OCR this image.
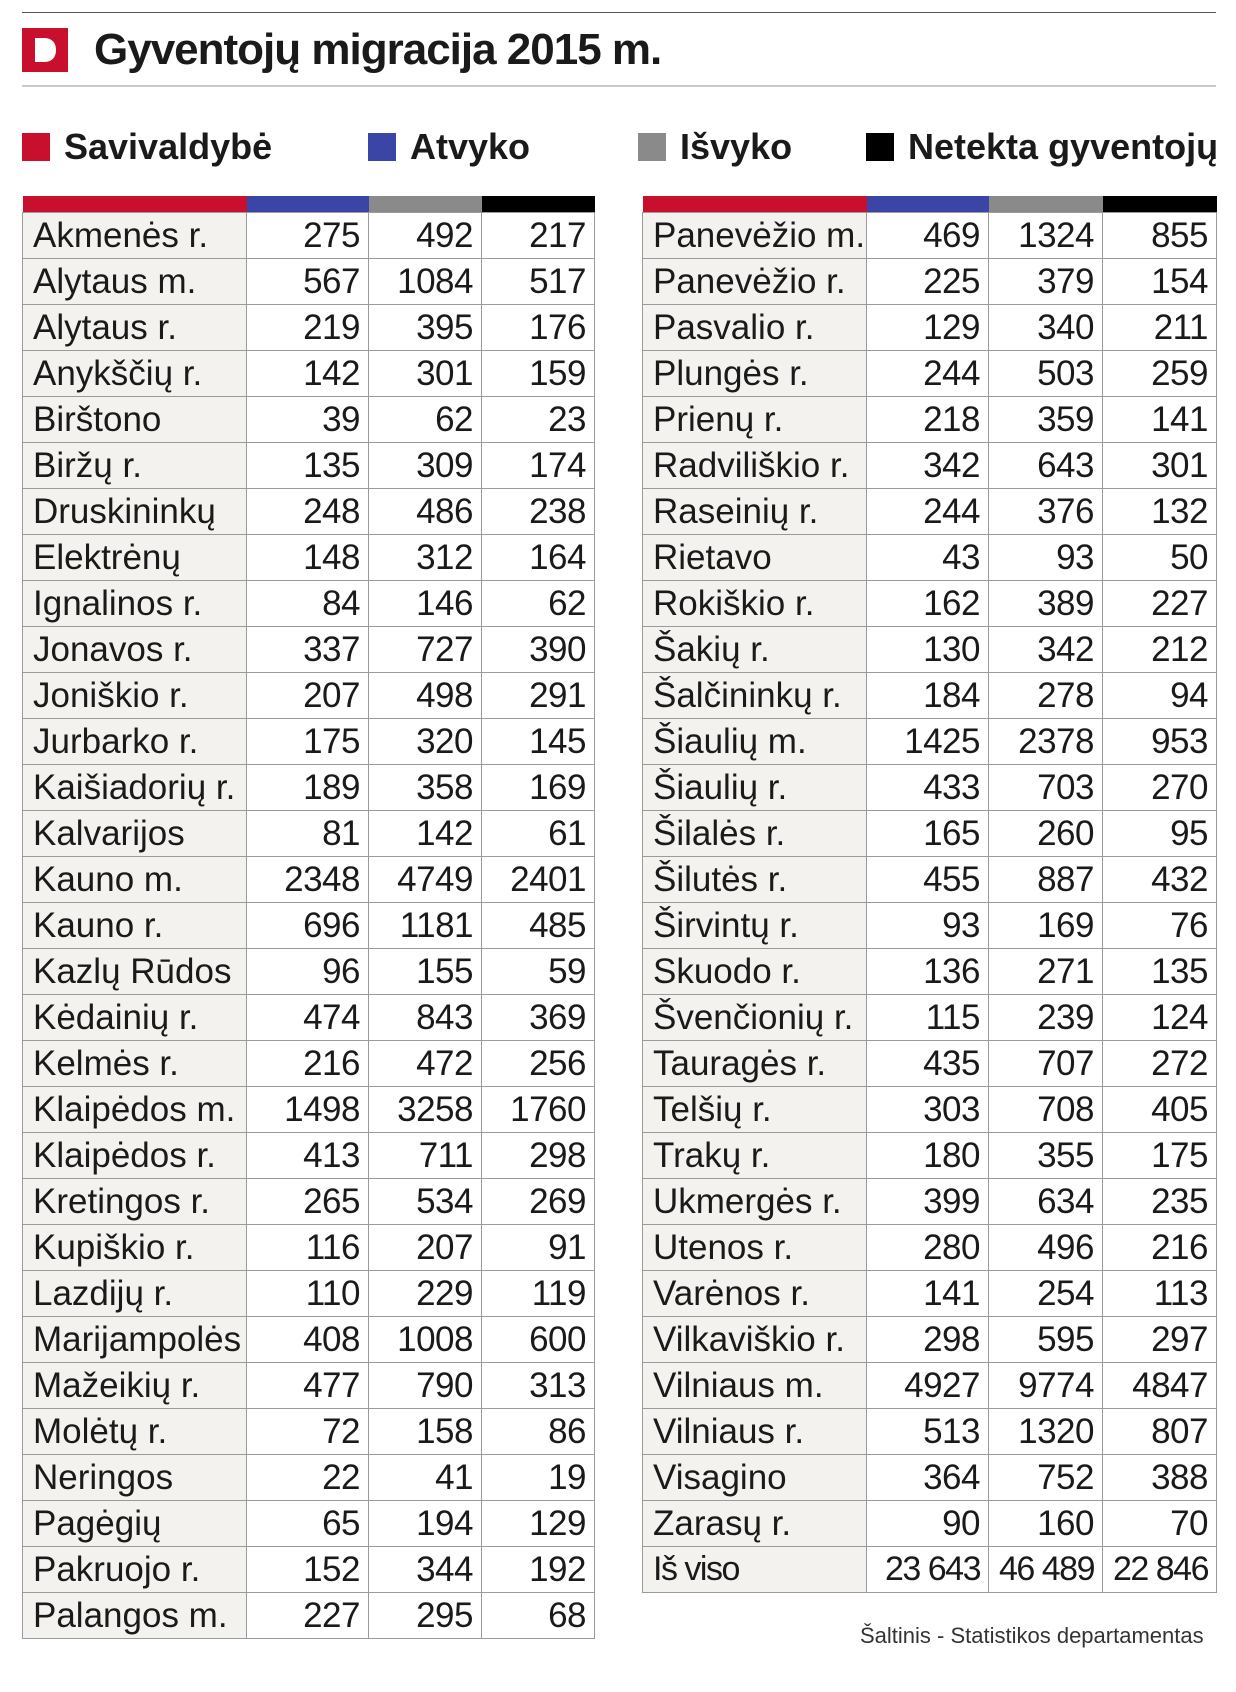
Gyventojų migracija 2015 m.
Savivaldybė	Atvyko	Išvyko	Netekta gyventojų

Akmenės r.	275	492	217
Alytaus m.	567	1084	517
Alytaus r.	219	395	176
Anykščių r.	142	301	159
Birštono	39	62	23
Biržų r.	135	309	174
Druskininkų	248	486	238
Elektrėnų	148	312	164
Ignalinos r.	84	146	62
Jonavos r.	337	727	390
Joniškio r.	207	498	291
Jurbarko r.	175	320	145
Kaišiadorių r.	189	358	169
Kalvarijos	81	142	61
Kauno m.	2348	4749	2401
Kauno r.	696	1181	485
Kazlų Rūdos	96	155	59
Kėdainių r.	474	843	369
Kelmės r.	216	472	256
Klaipėdos m.	1498	3258	1760
Klaipėdos r.	413	711	298
Kretingos r.	265	534	269
Kupiškio r.	116	207	91
Lazdijų r.	110	229	119
Marijampolės	408	1008	600
Mažeikių r.	477	790	313
Molėtų r.	72	158	86
Neringos	22	41	19
Pagėgių	65	194	129
Pakruojo r.	152	344	192
Palangos m.	227	295	68

Panevėžio m.	469	1324	855
Panevėžio r.	225	379	154
Pasvalio r.	129	340	211
Plungės r.	244	503	259
Prienų r.	218	359	141
Radviliškio r.	342	643	301
Raseinių r.	244	376	132
Rietavo	43	93	50
Rokiškio r.	162	389	227
Šakių r.	130	342	212
Šalčininkų r.	184	278	94
Šiaulių m.	1425	2378	953
Šiaulių r.	433	703	270
Šilalės r.	165	260	95
Šilutės r.	455	887	432
Širvintų r.	93	169	76
Skuodo r.	136	271	135
Švenčionių r.	115	239	124
Tauragės r.	435	707	272
Telšių r.	303	708	405
Trakų r.	180	355	175
Ukmergės r.	399	634	235
Utenos r.	280	496	216
Varėnos r.	141	254	113
Vilkaviškio r.	298	595	297
Vilniaus m.	4927	9774	4847
Vilniaus r.	513	1320	807
Visagino	364	752	388
Zarasų r.	90	160	70
Iš viso	23 643	46 489	22 846
Šaltinis - Statistikos departamentas
